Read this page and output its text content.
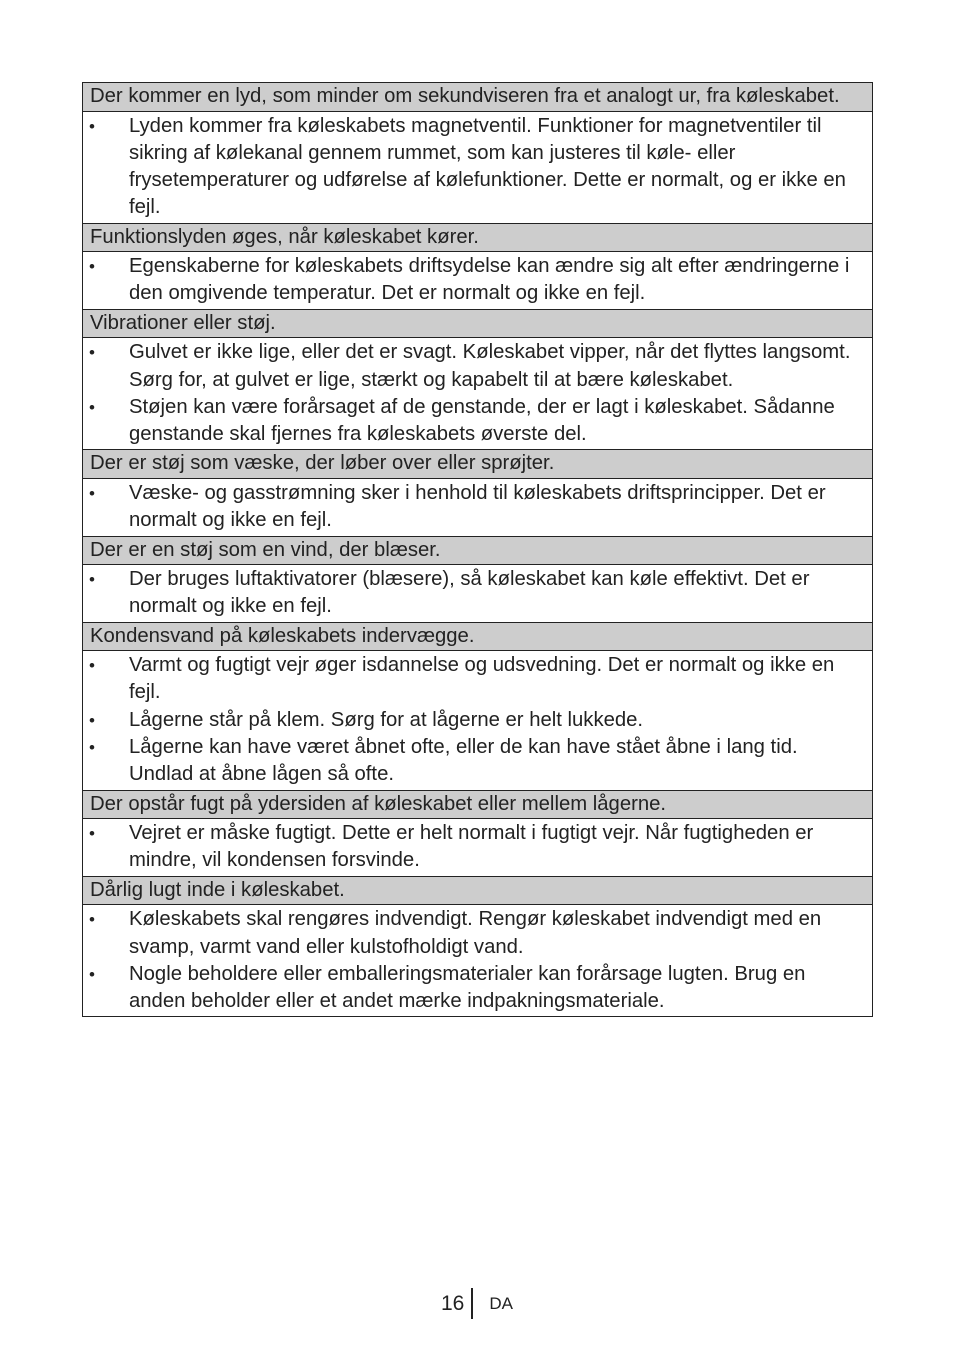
Der kommer en lyd, som minder om sekundviseren fra et analogt ur, fra køleskabet.
•
Lyden kommer fra køleskabets magnetventil. Funktioner for magnetventiler til sikring af kølekanal gennem rummet, som kan justeres til køle- eller frysetemperaturer og udførelse af kølefunktioner. Dette er normalt, og er ikke en fejl.
Funktionslyden øges, når køleskabet kører.
•
Egenskaberne for køleskabets driftsydelse kan ændre sig alt efter ændringerne i den omgivende temperatur. Det er normalt og ikke en fejl.
Vibrationer eller støj.
•
Gulvet er ikke lige, eller det er svagt. Køleskabet vipper, når det flyttes langsomt. Sørg for, at gulvet er lige, stærkt og kapabelt til at bære køleskabet.
•
Støjen kan være forårsaget af de genstande, der er lagt i køleskabet. Sådanne genstande skal fjernes fra køleskabets øverste del.
Der er støj som væske, der løber over eller sprøjter.
•
Væske- og gasstrømning sker i henhold til køleskabets driftsprincipper. Det er normalt og ikke en fejl.
Der er en støj som en vind, der blæser.
•
Der bruges luftaktivatorer (blæsere), så køleskabet kan køle effektivt. Det er normalt og ikke en fejl.
Kondensvand på køleskabets indervægge.
•
Varmt og fugtigt vejr øger isdannelse og udsvedning. Det er normalt og ikke en fejl.
•
Lågerne står på klem. Sørg for at lågerne er helt lukkede.
•
Lågerne kan have været åbnet ofte, eller de kan have stået åbne i lang tid. Undlad at åbne lågen så ofte.
Der opstår fugt på ydersiden af køleskabet eller mellem lågerne.
•
Vejret er måske fugtigt. Dette er helt normalt i fugtigt vejr. Når fugtigheden er mindre, vil kondensen forsvinde.
Dårlig lugt inde i køleskabet.
•
Køleskabets skal rengøres indvendigt. Rengør køleskabet indvendigt med en svamp, varmt vand eller kulstofholdigt vand.
•
Nogle beholdere eller emballeringsmaterialer kan forårsage lugten. Brug en anden beholder eller et andet mærke indpakningsmateriale.
16 DA
